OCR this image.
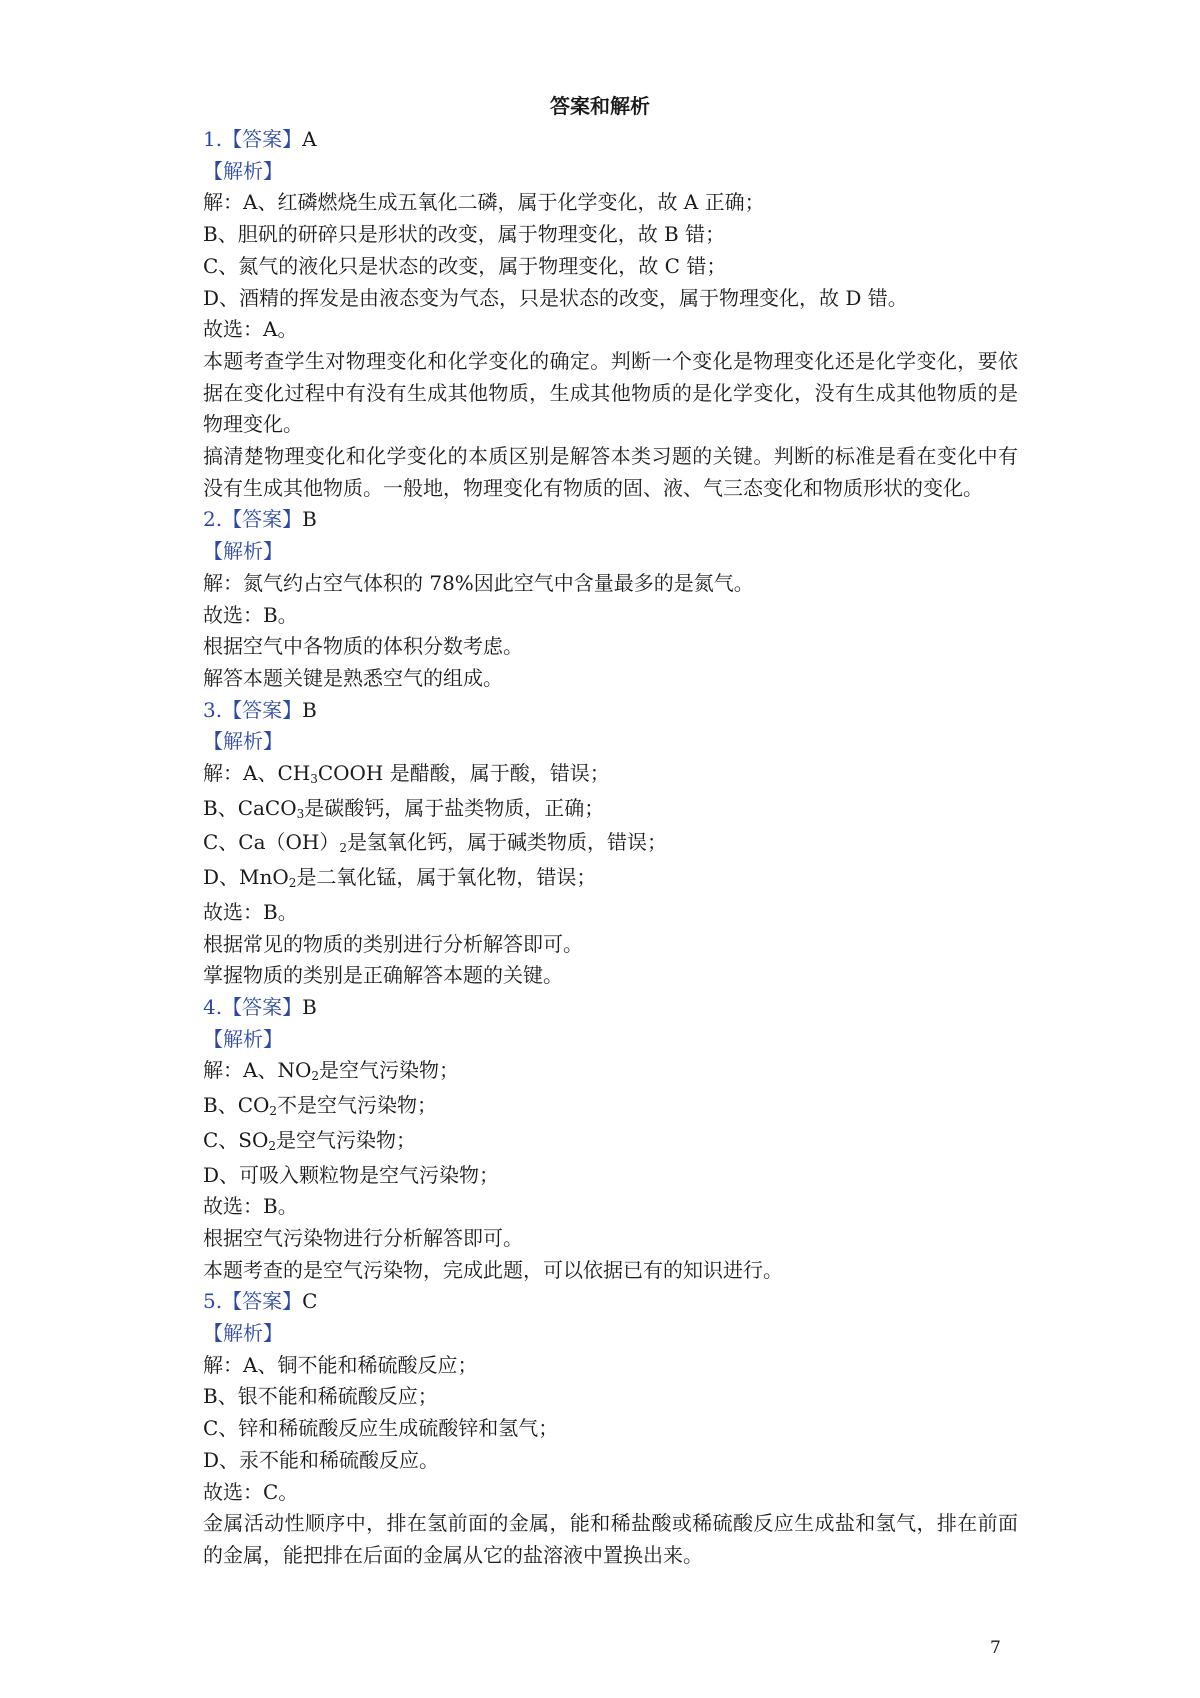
答案和解析
1.【答案】A
【解析】
解：A、红磷燃烧生成五氧化二磷，属于化学变化，故 A 正确；
B、胆矾的研碎只是形状的改变，属于物理变化，故 B 错；
C、氮气的液化只是状态的改变，属于物理变化，故 C 错；
D、酒精的挥发是由液态变为气态，只是状态的改变，属于物理变化，故 D 错。
故选：A。
本题考查学生对物理变化和化学变化的确定。判断一个变化是物理变化还是化学变化，要依据在变化过程中有没有生成其他物质，生成其他物质的是化学变化，没有生成其他物质的是物理变化。
搞清楚物理变化和化学变化的本质区别是解答本类习题的关键。判断的标准是看在变化中有没有生成其他物质。一般地，物理变化有物质的固、液、气三态变化和物质形状的变化。
2.【答案】B
【解析】
解：氮气约占空气体积的 78%因此空气中含量最多的是氮气。
故选：B。
根据空气中各物质的体积分数考虑。
解答本题关键是熟悉空气的组成。
3.【答案】B
【解析】
解：A、$CH_3COOH$ 是醋酸，属于酸，错误；
B、CaCO$_3$是碳酸钙，属于盐类物质，正确；
C、$Ca(OH)_2$是氢氧化钙，属于碱类物质，错误；
D、MnO$_2$是二氧化锰，属于氧化物，错误；
故选：B。
根据常见的物质的类别进行分析解答即可。
掌握物质的类别是正确解答本题的关键。
4.【答案】B
【解析】
解：A、$NO_2$是空气污染物；
B、$CO_2$不是空气污染物；
C、$SO_2$是空气污染物；
D、可吸入颗粒物是空气污染物；
故选：B。
根据空气污染物进行分析解答即可。
本题考查的是空气污染物，完成此题，可以依据已有的知识进行。
5.【答案】C
【解析】
解：A、铜不能和稀硫酸反应；
B、银不能和稀硫酸反应；
C、锌和稀硫酸反应生成硫酸锌和氢气；
D、汞不能和稀硫酸反应。
故选：C。
金属活动性顺序中，排在氢前面的金属，能和稀盐酸或稀硫酸反应生成盐和氢气，排在前面的金属，能把排在后面的金属从它的盐溶液中置换出来。
7
